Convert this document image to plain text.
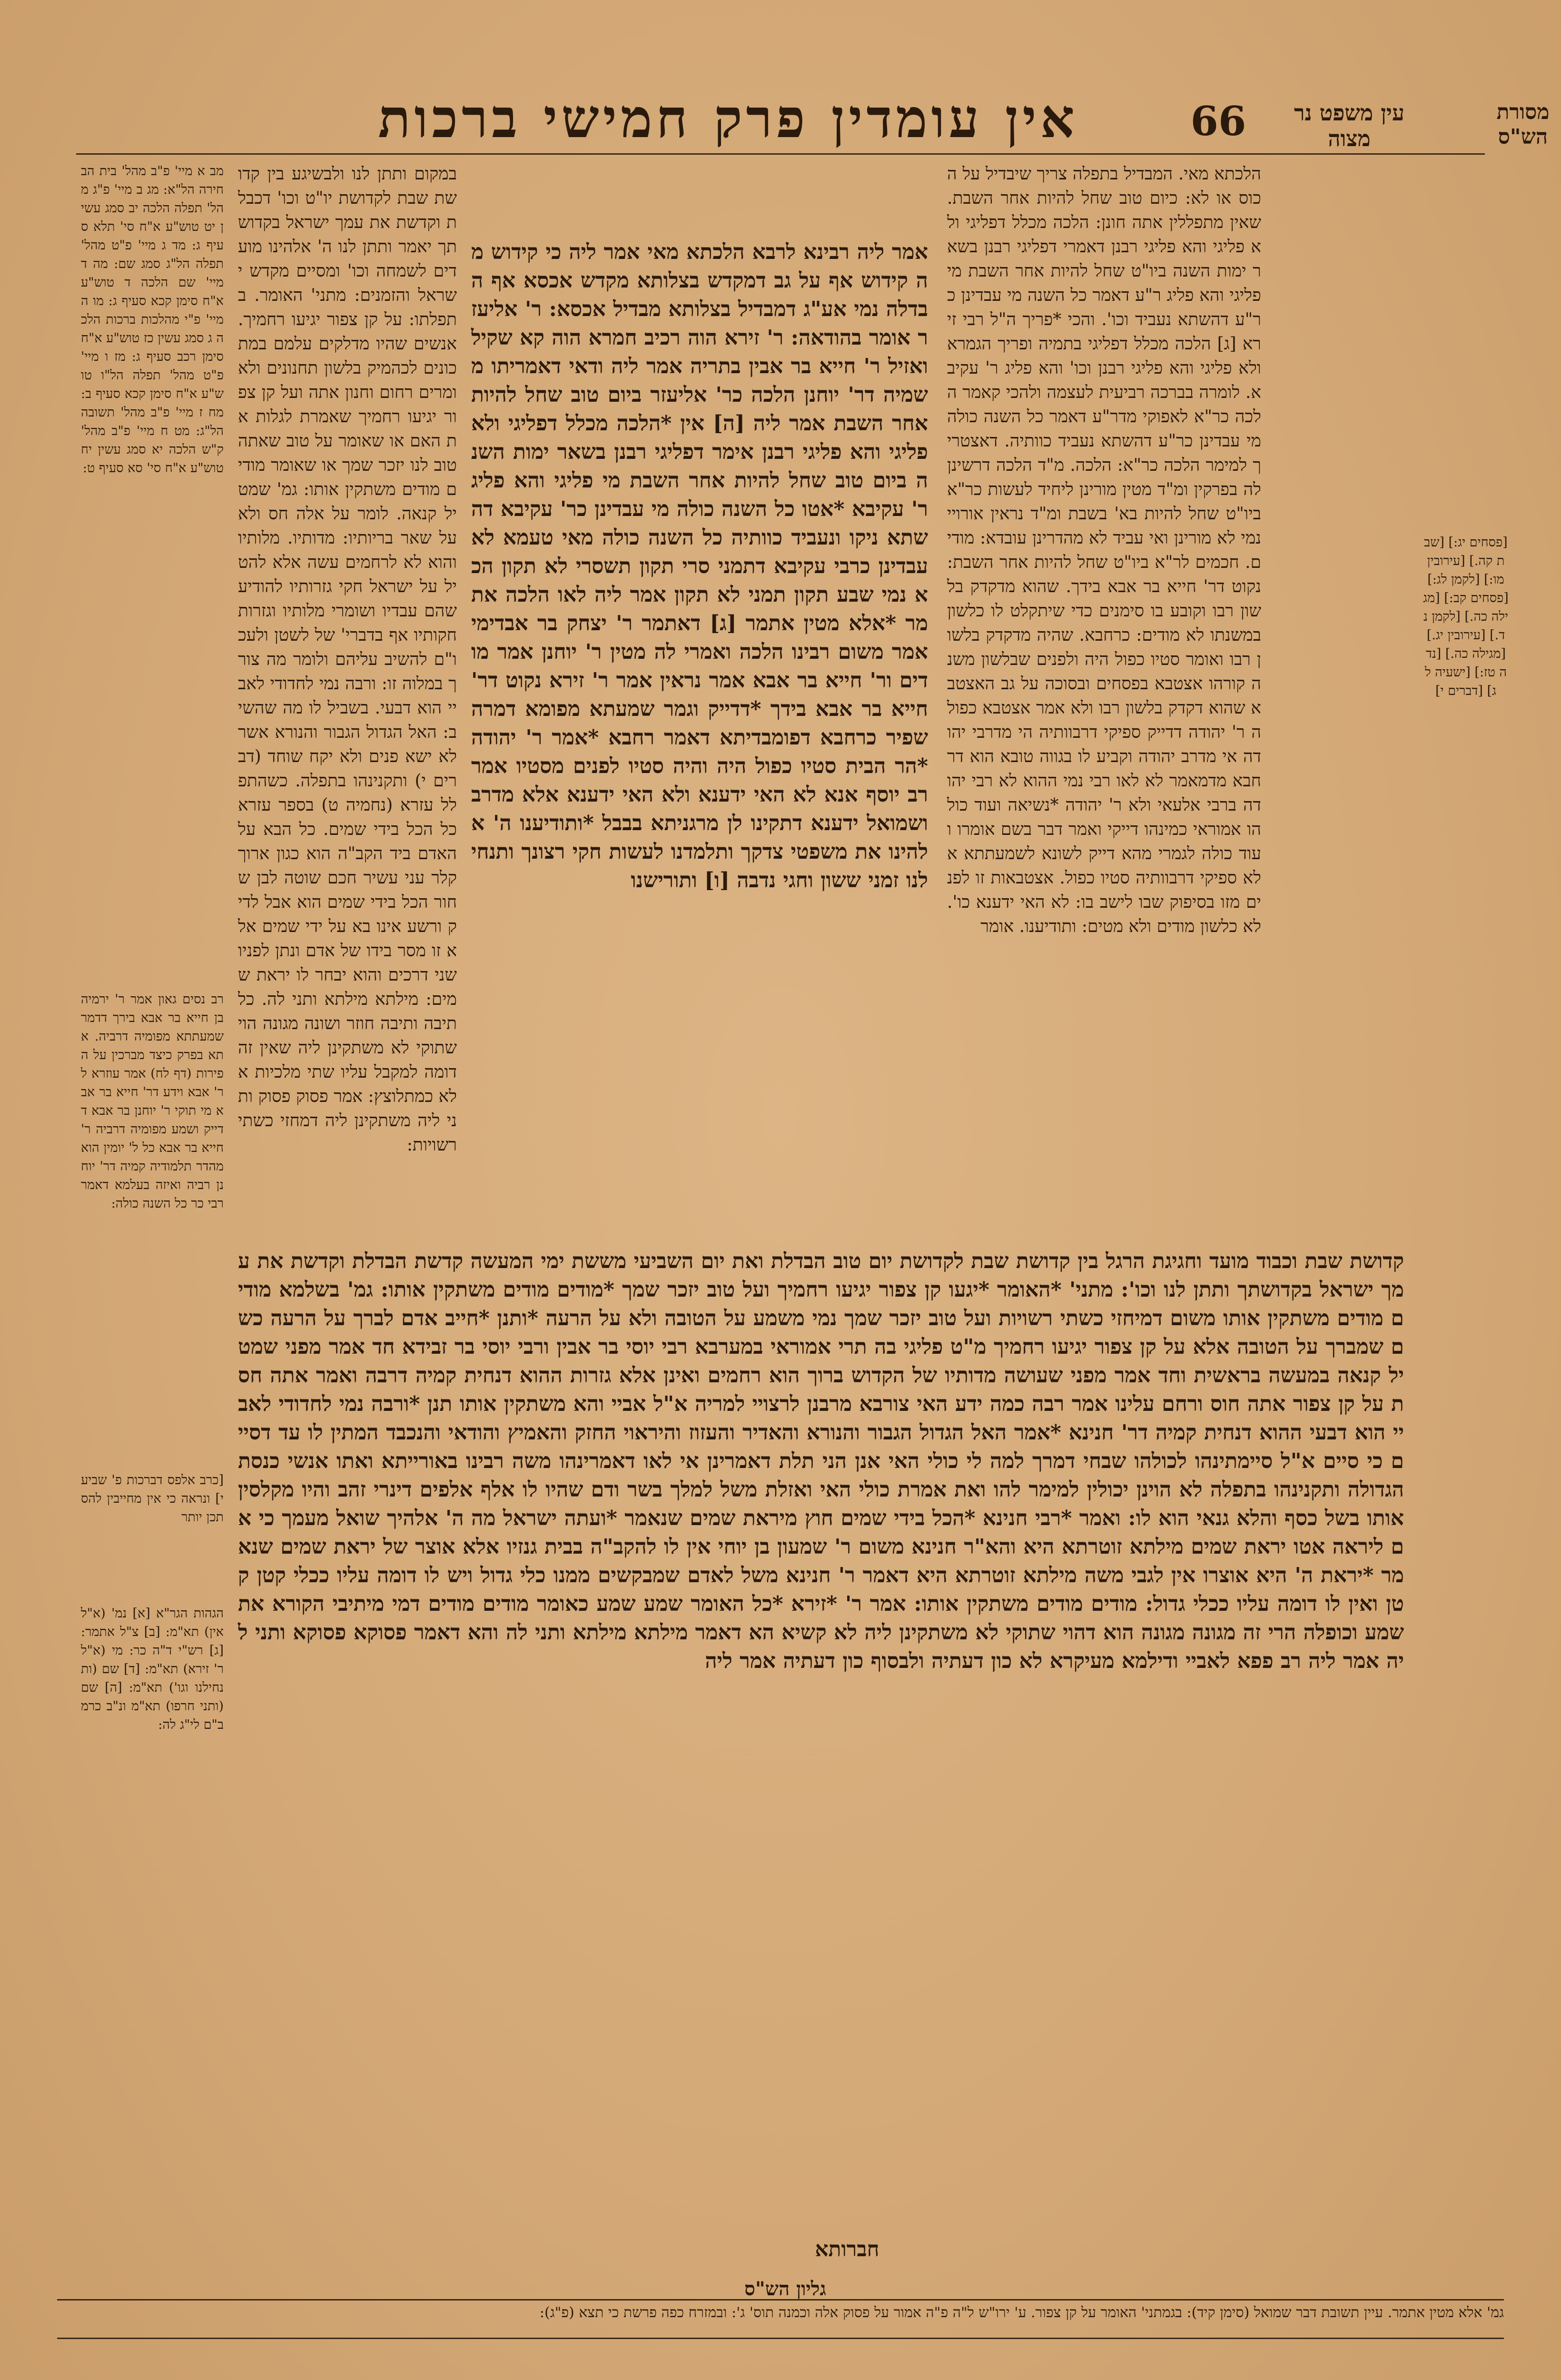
עין משפט נר מצוה
66
אין עומדין פרק חמישי ברכות	מסורת הש"ס
מב א מיי' פ"ב מהל' בית הבחירה הל"א: מג ב מיי' פ"ג מהל' תפלה הלכה יב סמג עשין יט טוש"ע א"ח סי' תלא סעיף ג: מד ג מיי' פ"ט מהל' תפלה הל"ג סמג שם: מה ד מיי' שם הלכה ד טוש"ע א"ח סימן קכא סעיף ג: מו ה מיי' פ"י מהלכות ברכות הלכה ג סמג עשין כז טוש"ע א"ח סימן רכב סעיף ג: מז ו מיי' פ"ט מהל' תפלה הל"ו טוש"ע א"ח סימן קכא סעיף ב: מח ז מיי' פ"ב מהל' תשובה הל"ג: מט ח מיי' פ"ב מהל' ק"ש הלכה יא סמג עשין יח טוש"ע א"ח סי' סא סעיף ט:
רב נסים גאון אמר ר' ירמיה בן חייא בר אבא בירך דדמר שמעתתא מפומיה דרביה. אתא בפרק כיצד מברכין על הפירות (דף לח) אמר עוזרא לר' אבא וידע דר' חייא בר אבא מי תוקי ר' יוחנן בר אבא דדייק ושמע מפומיה דרביה ר' חייא בר אבא כל ל' יומין הוא מהדר תלמודיה קמיה דר' יוחנן רביה ואיזה בעלמא דאמר רבי כר כל השנה כולה:
[כרב אלפס דברכות פ' שביעי] ונראה כי אין מחייבין להסתכן יותר
הגהות הגר"א [א] נמ' (א"ל אין) תא"מ: [ב] צ"ל אתמר: [ג] רש"י ד"ה כר: מי (א"ל ר' זירא) תא"מ: [ד] שם (ותנחילנו וגו') תא"מ: [ה] שם (ותני חרפו) תא"מ ונ"ב כרמב"ם לי"ג לה:
הלכתא מאי. המבדיל בתפלה צריך שיבדיל על הכוס או לא: כיום טוב שחל להיות אחר השבת. שאין מתפללין אתה חונן: הלכה מכלל דפליגי ולא פליגי והא פליגי רבנן דאמרי דפליגי רבנן בשאר ימות השנה ביו"ט שחל להיות אחר השבת מי פליגי והא פליג ר"ע דאמר כל השנה מי עבדינן כר"ע דהשתא נעביד וכו'. והכי *פריך ה"ל רבי זירא [ג] הלכה מכלל דפליגי בתמיה ופריך הגמרא ולא פליגי והא פליגי רבנן וכו' והא פליג ר' עקיבא. לומרה בברכה רביעית לעצמה ולהכי קאמר הלכה כר"א לאפוקי מדר"ע דאמר כל השנה כולה מי עבדינן כר"ע דהשתא נעביד כוותיה. דאצטריך למימר הלכה כר"א: הלכה. מ"ד הלכה דרשינן לה בפרקין ומ"ד מטין מורינן ליחיד לעשות כר"א ביו"ט שחל להיות בא' בשבת ומ"ד נראין אורויי נמי לא מורינן ואי עביד לא מהדרינן עובדא: מודים. חכמים לר"א ביו"ט שחל להיות אחר השבת: נקוט דר' חייא בר אבא בידך. שהוא מדקדק בלשון רבו וקובע בו סימנים כדי שיתקלט לו כלשון במשנתו לא מודים: כרחבא. שהיה מדקדק בלשון רבו ואומר סטיו כפול היה ולפנים שבלשון משנה קורהו אצטבא בפסחים ובסוכה על גב האצטבא שהוא דקדק בלשון רבו ולא אמר אצטבא כפולה ר' יהודה דדייק ספיקי דרבוותיה הי מדרבי יהודה אי מדרב יהודה וקביע לו בגווה טובא הוא דרחבא מדמאמר לא לאו רבי נמי ההוא לא רבי יהודה ברבי אלעאי ולא ר' יהודה *נשיאה ועוד כולהו אמוראי כמינהו דייקי ואמר דבר בשם אומרו ועוד כולה לגמרי מהא דייק לשונא לשמעתתא אלא ספיקי דרבוותיה סטיו כפול. אצטבאות זו לפנים מזו בסיפוק שבו לישב בו: לא האי ידענא כו'. לא כלשון מודים ולא מטים: ותודיענו. אומר
במקום ותתן לנו ולבשיגע בין קדושת שבת לקדושת יו"ט וכו' דכבלת וקדשת את עמך ישראל בקדושתך יאמר ותתן לנו ה' אלהינו מועדים לשמחה וכו' ומסיים מקדש ישראל והזמנים: מתני' האומר. בתפלתו: על קן צפור יגיעו רחמיך. אנשים שהיו מדלקים עלמם במתכונים לכהמיק בלשון תחנונים ולאומרים רחום וחנון אתה ועל קן צפור יגיעו רחמיך שאמרת לגלות את האם או שאומר על טוב שאתה טוב לנו יזכר שמך או שאומר מודים מודים משתקין אותו: גמ' שמטיל קנאה. לומר על אלה חס ולא על שאר בריותיו: מדותיו. מלותיו והוא לא לרחמים עשה אלא להטיל על ישראל חקי גזרותיו להודיע שהם עבדיו ושומרי מלותיו וגזרות חקותיו אף בדברי' של לשטן ולעכו"ם להשיב עליהם ולומר מה צורך במלוה זו: ורבה נמי לחדודי לאביי הוא דבעי. בשביל לו מה שהשיב: האל הגדול הגבור והנורא אשר לא ישא פנים ולא יקח שוחד (דברים י) ותקנינהו בתפלה. כשהתפלל עזרא (נחמיה ט) בספר עזרא כל הכל בידי שמים. כל הבא על האדם ביד הקב"ה הוא כגון ארוך קלר עני עשיר חכם שוטה לבן שחור הכל בידי שמים הוא אבל לדיק ורשע אינו בא על ידי שמים אלא זו מסר בידו של אדם ונתן לפניו שני דרכים והוא יבחר לו יראת שמים: מילתא מילתא ותני לה. כל תיבה ותיבה חוזר ושונה מגונה הוי שתוקי לא משתקינן ליה שאין זה דומה למקבל עליו שתי מלכיות אלא כמתלוצץ: אמר פסוק פסוק ותני ליה משתקינן ליה דמחזי כשתי רשויות:
אמר ליה רבינא לרבא הלכתא מאי אמר ליה כי קידוש מה קידוש אף על גב דמקדש בצלותא מקדש אכסא אף הבדלה נמי אע"ג דמבדיל בצלותא מבדיל אכסא: ר' אליעזר אומר בהודאה: ר' זירא הוה רכיב חמרא הוה קא שקיל ואזיל ר' חייא בר אבין בתריה אמר ליה ודאי דאמריתו משמיה דר' יוחנן הלכה כר' אליעזר ביום טוב שחל להיות אחר השבת אמר ליה [ה] אין *הלכה מכלל דפליגי ולא פליגי והא פליגי רבנן אימר דפליגי רבנן בשאר ימות השנה ביום טוב שחל להיות אחר השבת מי פליגי והא פליג ר' עקיבא *אטו כל השנה כולה מי עבדינן כר' עקיבא דהשתא ניקו ונעביד כוותיה כל השנה כולה מאי טעמא לא עבדינן כרבי עקיבא דתמני סרי תקון תשסרי לא תקון הכא נמי שבע תקון תמני לא תקון אמר ליה לאו הלכה אתמר *אלא מטין אתמר [ג] דאתמר ר' יצחק בר אבדימי אמר משום רבינו הלכה ואמרי לה מטין ר' יוחנן אמר מודים ור' חייא בר אבא אמר נראין אמר ר' זירא נקוט דר' חייא בר אבא בידך *דדייק וגמר שמעתא מפומא דמרה שפיר כרחבא דפומבדיתא דאמר רחבא *אמר ר' יהודה *הר הבית סטיו כפול היה והיה סטיו לפנים מסטיו אמר רב יוסף אנא לא האי ידענא ולא האי ידענא אלא מדרב ושמואל ידענא דתקינו לן מרגניתא בבבל *ותודיענו ה' אלהינו את משפטי צדקך ותלמדנו לעשות חקי רצונך ותנחילנו זמני ששון וחגי נדבה [ו] ותורישנו
קדושת שבת וכבוד מועד וחגיגת הרגל בין קדושת שבת לקדושת יום טוב הבדלת ואת יום השביעי מששת ימי המעשה קדשת הבדלת וקדשת את עמך ישראל בקדושתך ותתן לנו וכו': מתני' *האומר *יגעו קן צפור יגיעו רחמיך ועל טוב יזכר שמך *מודים מודים משתקין אותו: גמ' בשלמא מודים מודים משתקין אותו משום דמיחזי כשתי רשויות ועל טוב יזכר שמך נמי משמע על הטובה ולא על הרעה *ותנן *חייב אדם לברך על הרעה כשם שמברך על הטובה אלא על קן צפור יגיעו רחמיך מ"ט פליגי בה תרי אמוראי במערבא רבי יוסי בר אבין ורבי יוסי בר זבידא חד אמר מפני שמטיל קנאה במעשה בראשית וחד אמר מפני שעושה מדותיו של הקדוש ברוך הוא רחמים ואינן אלא גזרות ההוא דנחית קמיה דרבה ואמר אתה חסת על קן צפור אתה חוס ורחם עלינו אמר רבה כמה ידע האי צורבא מרבנן לרצויי למריה א"ל אביי והא משתקין אותו תנן *ורבה נמי לחדודי לאביי הוא דבעי ההוא דנחית קמיה דר' חנינא *אמר האל הגדול הגבור והנורא והאדיר והעזוז והיראוי החזק והאמיץ והודאי והנכבד המתין לו עד דסיים כי סיים א"ל סיימתינהו לכולהו שבחי דמרך למה לי כולי האי אנן הני תלת דאמרינן אי לאו דאמרינהו משה רבינו באורייתא ואתו אנשי כנסת הגדולה ותקנינהו בתפלה לא הוינן יכולין למימר להו ואת אמרת כולי האי ואזלת משל למלך בשר ודם שהיו לו אלף אלפים דינרי זהב והיו מקלסין אותו בשל כסף והלא גנאי הוא לו: ואמר *רבי חנינא *הכל בידי שמים חוץ מיראת שמים שנאמר *ועתה ישראל מה ה' אלהיך שואל מעמך כי אם ליראה אטו יראת שמים מילתא זוטרתא היא והא"ר חנינא משום ר' שמעון בן יוחי אין לו להקב"ה בבית גנזיו אלא אוצר של יראת שמים שנאמר *יראת ה' היא אוצרו אין לגבי משה מילתא זוטרתא היא דאמר ר' חנינא משל לאדם שמבקשים ממנו כלי גדול ויש לו דומה עליו ככלי קטן קטן ואין לו דומה עליו ככלי גדול: מודים מודים משתקין אותו: אמר ר' *זירא *כל האומר שמע שמע כאומר מודים מודים דמי מיתיבי הקורא את שמע וכופלה הרי זה מגונה מגונה הוא דהוי שתוקי לא משתקינן ליה לא קשיא הא דאמר מילתא מילתא ותני לה והא דאמר פסוקא פסוקא ותני ליה אמר ליה רב פפא לאביי ודילמא מעיקרא לא כון דעתיה ולבסוף כון דעתיה אמר ליה
חברותא
[פסחים יג:] [שבת קה.] [עירובין מו:] [לקמן לג:] [פסחים קב:] [מגילה כה.] [לקמן נד.] [עירובין יג.] [מגילה כה.] [נדה טז:] [ישעיה לג] [דברים י]
גליון הש"ס
גמ' אלא מטין אתמר. עיין תשובת דבר שמואל (סימן קיד): בגמתני' האומר על קן צפור. ע' ירו"ש ל"ה פ"ה אמור על פסוק אלה וכמנה תוס' ג': ובמזרח כפה פרשת כי תצא (פ"ג):
